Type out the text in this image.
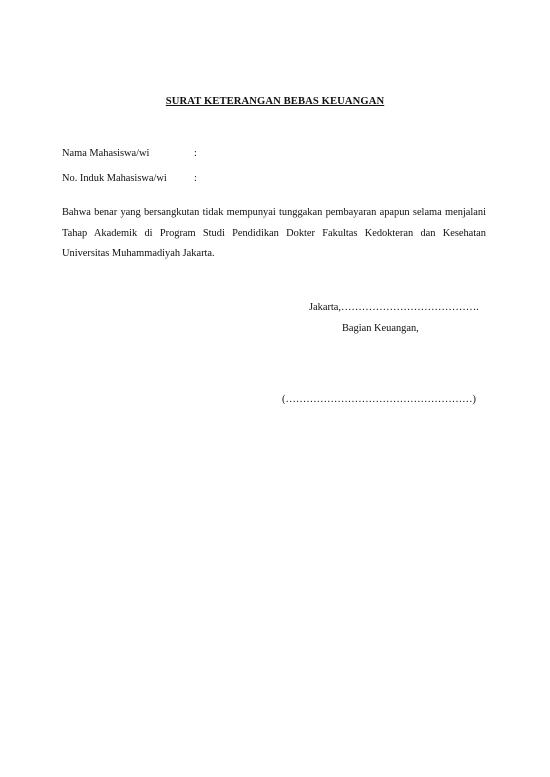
SURAT KETERANGAN BEBAS KEUANGAN
Nama Mahasiswa/wi	:
No. Induk Mahasiswa/wi	:
Bahwa benar yang bersangkutan tidak mempunyai tunggakan pembayaran apapun selama menjalani Tahap Akademik di Program Studi Pendidikan Dokter Fakultas Kedokteran dan Kesehatan Universitas Muhammadiyah Jakarta.
Jakarta,………………………………….
Bagian Keuangan,
(………………………………………………)
